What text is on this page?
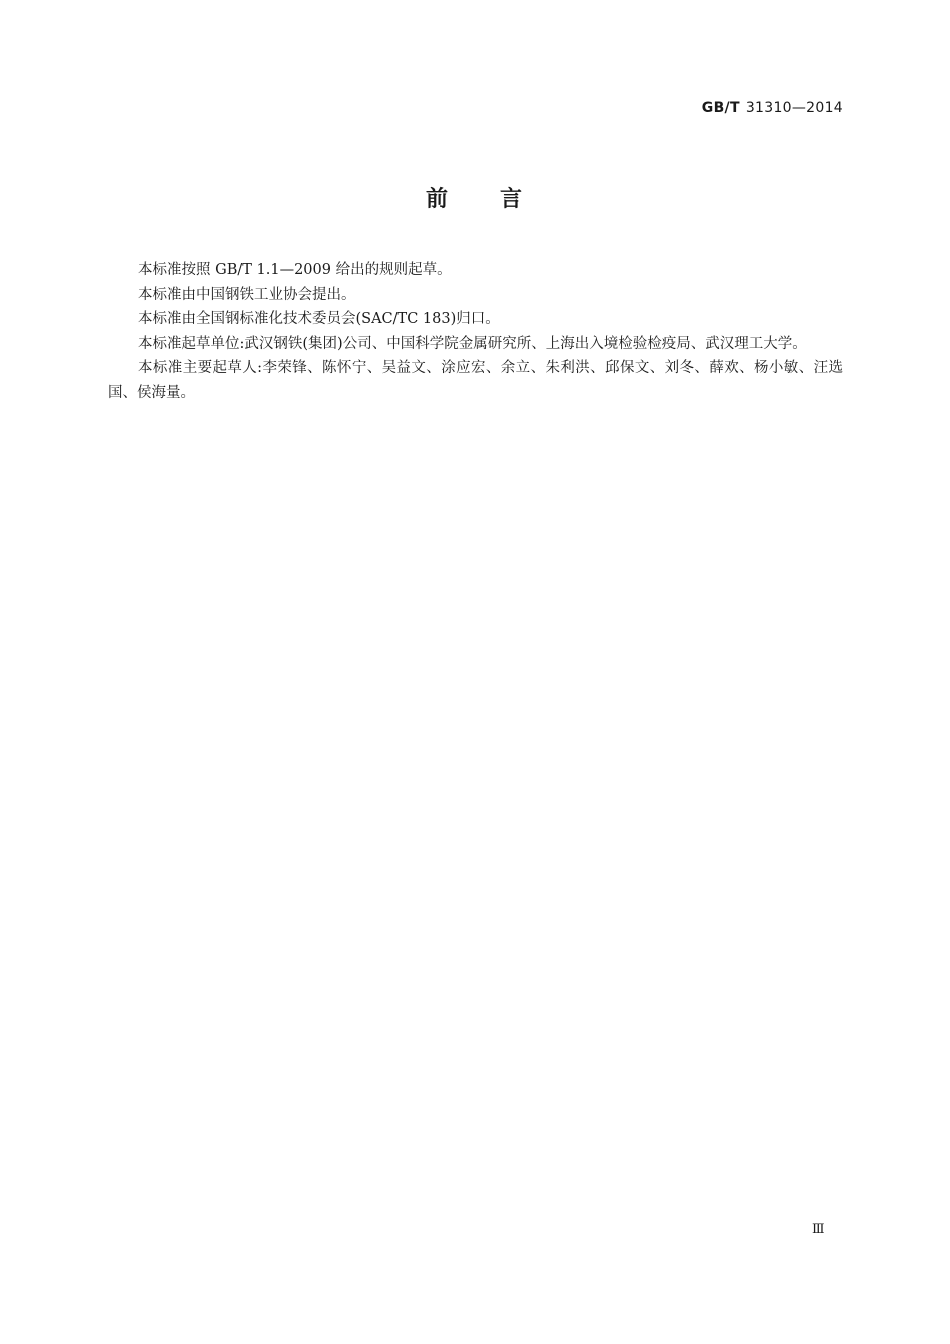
GB/T 31310—2014
前 言

本标准按照 GB/T 1.1—2009 给出的规则起草。

本标准由中国钢铁工业协会提出。

本标准由全国钢标准化技术委员会(SAC/TC 183)归口。

本标准起草单位:武汉钢铁(集团)公司、中国科学院金属研究所、上海出入境检验检疫局、武汉理工大学。

本标准主要起草人:李荣锋、陈怀宁、吴益文、涂应宏、余立、朱利洪、邱保文、刘冬、薛欢、杨小敏、汪选国、侯海量。

Ⅲ
